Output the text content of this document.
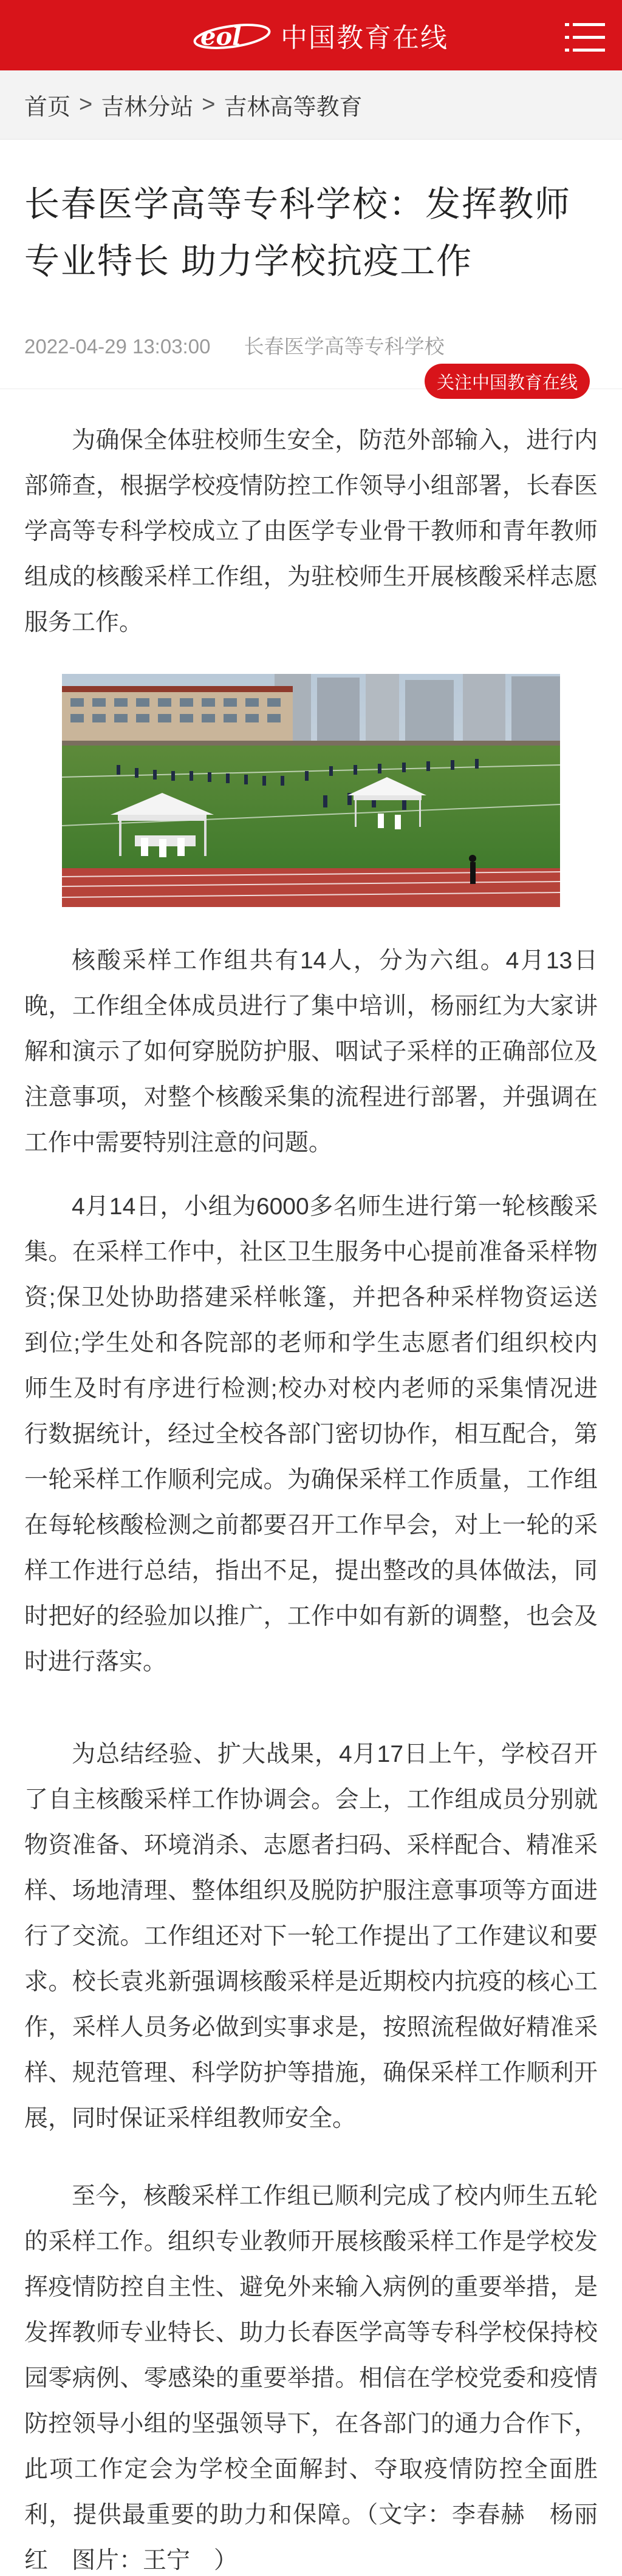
eol 中国教育在线
首页 > 吉林分站 > 吉林高等教育
长春医学高等专科学校：发挥教师专业特长 助力学校抗疫工作
2022-04-29 13:03:00 长春医学高等专科学校
关注中国教育在线

为确保全体驻校师生安全，防范外部输入，进行内部筛查，根据学校疫情防控工作领导小组部署，长春医学高等专科学校成立了由医学专业骨干教师和青年教师组成的核酸采样工作组，为驻校师生开展核酸采样志愿服务工作。

核酸采样工作组共有14人，分为六组。4月13日晚，工作组全体成员进行了集中培训，杨丽红为大家讲解和演示了如何穿脱防护服、咽试子采样的正确部位及注意事项，对整个核酸采集的流程进行部署，并强调在工作中需要特别注意的问题。

4月14日，小组为6000多名师生进行第一轮核酸采集。在采样工作中，社区卫生服务中心提前准备采样物资;保卫处协助搭建采样帐篷，并把各种采样物资运送到位;学生处和各院部的老师和学生志愿者们组织校内师生及时有序进行检测;校办对校内老师的采集情况进行数据统计，经过全校各部门密切协作，相互配合，第一轮采样工作顺利完成。为确保采样工作质量，工作组在每轮核酸检测之前都要召开工作早会，对上一轮的采样工作进行总结，指出不足，提出整改的具体做法，同时把好的经验加以推广，工作中如有新的调整，也会及时进行落实。

为总结经验、扩大战果，4月17日上午，学校召开了自主核酸采样工作协调会。会上，工作组成员分别就物资准备、环境消杀、志愿者扫码、采样配合、精准采样、场地清理、整体组织及脱防护服注意事项等方面进行了交流。工作组还对下一轮工作提出了工作建议和要求。校长袁兆新强调核酸采样是近期校内抗疫的核心工作，采样人员务必做到实事求是，按照流程做好精准采样、规范管理、科学防护等措施，确保采样工作顺利开展，同时保证采样组教师安全。

至今，核酸采样工作组已顺利完成了校内师生五轮的采样工作。组织专业教师开展核酸采样工作是学校发挥疫情防控自主性、避免外来输入病例的重要举措，是发挥教师专业特长、助力长春医学高等专科学校保持校园零病例、零感染的重要举措。相信在学校党委和疫情防控领导小组的坚强领导下，在各部门的通力合作下，此项工作定会为学校全面解封、夺取疫情防控全面胜利，提供最重要的助力和保障。（文字：李春赫　杨丽红　图片：王宁　）
